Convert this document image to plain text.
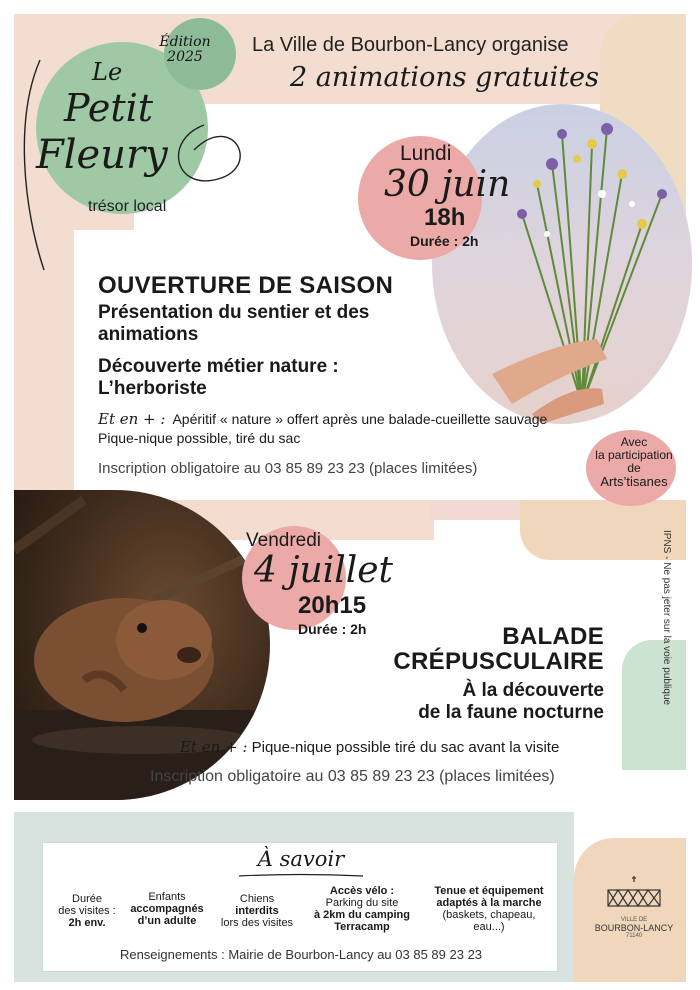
Édition 2025
Le
Petit
Fleury
trésor local
La Ville de Bourbon-Lancy organise
2 animations gratuites
Lundi
30 juin
18h
Durée : 2h
OUVERTURE DE SAISON
Présentation du sentier et des animations
Découverte métier nature : L’herboriste
Et en + : Apéritif « nature » offert après une balade-cueillette sauvage
Pique-nique possible, tiré du sac
Inscription obligatoire au 03 85 89 23 23 (places limitées)
Avec
la participation
de
Arts’tisanes
Vendredi
4 juillet
20h15
Durée : 2h	BALADE
CRÉPUSCULAIRE
À la découverte
de la faune nocturne
Et en + : Pique-nique possible tiré du sac avant la visite
Inscription obligatoire au 03 85 89 23 23 (places limitées)
IPNS - Ne pas jeter sur la voie publique
À savoir
Durée
des visites :
2h env.
Enfants
accompagnés
d’un adulte
Chiens
interdits
lors des visites
Accès vélo :
Parking du site
à 2km du camping
Terracamp
Tenue et équipement
adaptés à la marche
(baskets, chapeau,
eau...)
Renseignements : Mairie de Bourbon-Lancy au 03 85 89 23 23
VILLE DE
BOURBON-LANCY
71140
